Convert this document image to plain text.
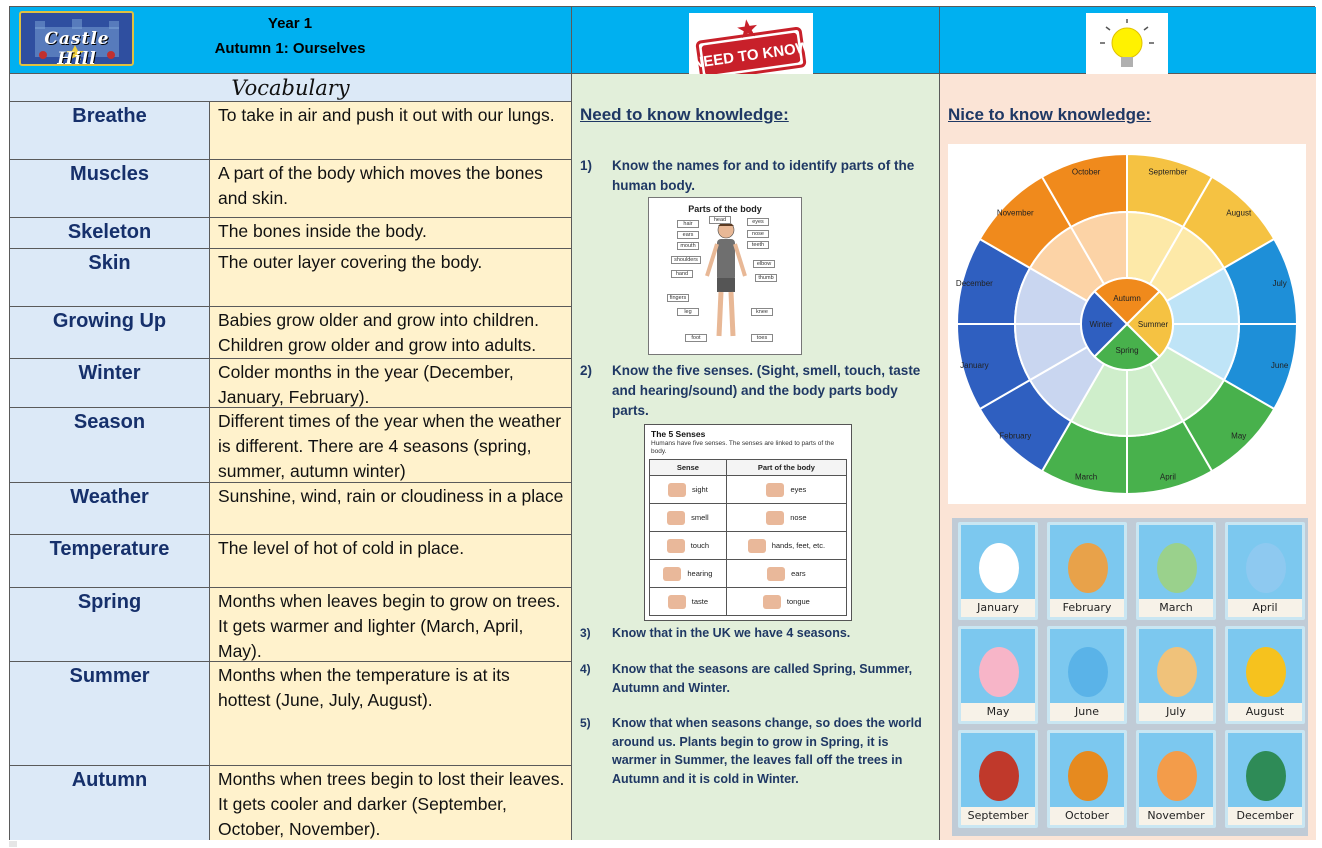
Castle Hill
Year 1
Autumn 1: Ourselves	NEED TO KNOW
Vocabulary
Breathe	To take in air and push it out with our lungs.
Muscles	A part of the body which moves the bones and skin.
Skeleton	The bones inside the body.
Skin	The outer layer covering the body.
Growing Up	Babies grow older and grow into children. Children grow older and grow into adults.
Winter	Colder months in the year (December, January, February).
Season	Different times of the year when the weather is different. There are 4 seasons (spring, summer, autumn winter)
Weather	Sunshine, wind, rain or cloudiness in a place
Temperature	The level of hot of cold in place.
Spring	Months when leaves begin to grow on trees. It gets warmer and lighter (March, April, May).
Summer	Months when the temperature is at its hottest (June, July, August).
Autumn	Months when trees begin to lost their leaves. It gets cooler and darker (September, October, November).
Need to know knowledge:
1) Know the names for and to identify parts of the human body.
Parts of the body
head	eyes
hair
nose
ears
teeth
mouth
shoulders
elbow
hand
thumb
fingers
leg	knee
foot	toes
2) Know the five senses. (Sight, smell, touch, taste and hearing/sound) and the body parts body parts.
The 5 Senses
Humans have five senses. The senses are linked to parts of the body.
Sense	Part of the body
sight	eyes
smell	nose
touch	hands, feet, etc.
hearing	ears
taste	tongue
3) Know that in the UK we have 4 seasons.
4) Know that the seasons are called Spring, Summer, Autumn and Winter.
5) Know that when seasons change, so does the world around us. Plants begin to grow in Spring, it is warmer in Summer, the leaves fall off the trees in Autumn and it is cold in Winter.
Nice to know knowledge:
September
August
July
June
May
April
March
February
January
December
November
October
Autumn
Summer
Spring
Winter
January	February	March	April
May	June	July	August
September	October	November	December
